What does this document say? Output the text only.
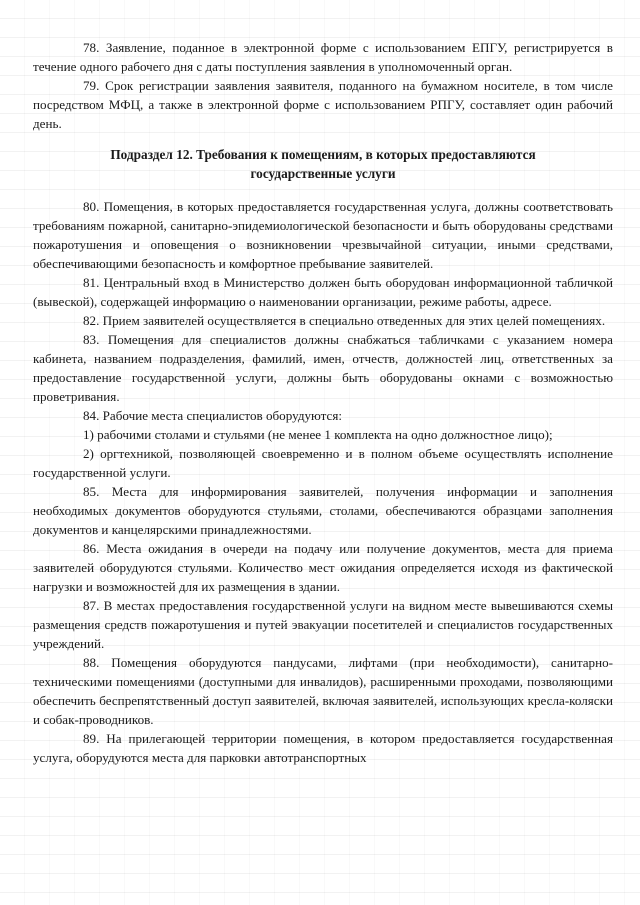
78. Заявление, поданное в электронной форме с использованием ЕПГУ, регистрируется в течение одного рабочего дня с даты поступления заявления в уполномоченный орган.

79. Срок регистрации заявления заявителя, поданного на бумажном носителе, в том числе посредством МФЦ, а также в электронной форме с использованием РПГУ, составляет один рабочий день.

Подраздел 12. Требования к помещениям, в которых предоставляются государственные услуги

80. Помещения, в которых предоставляется государственная услуга, должны соответствовать требованиям пожарной, санитарно-эпидемиологической безопасности и быть оборудованы средствами пожаротушения и оповещения о возникновении чрезвычайной ситуации, иными средствами, обеспечивающими безопасность и комфортное пребывание заявителей.

81. Центральный вход в Министерство должен быть оборудован информационной табличкой (вывеской), содержащей информацию о наименовании организации, режиме работы, адресе.

82. Прием заявителей осуществляется в специально отведенных для этих целей помещениях.

83. Помещения для специалистов должны снабжаться табличками с указанием номера кабинета, названием подразделения, фамилий, имен, отчеств, должностей лиц, ответственных за предоставление государственной услуги, должны быть оборудованы окнами с возможностью проветривания.

84. Рабочие места специалистов оборудуются:

1) рабочими столами и стульями (не менее 1 комплекта на одно должностное лицо);

2) оргтехникой, позволяющей своевременно и в полном объеме осуществлять исполнение государственной услуги.

85. Места для информирования заявителей, получения информации и заполнения необходимых документов оборудуются стульями, столами, обеспечиваются образцами заполнения документов и канцелярскими принадлежностями.

86. Места ожидания в очереди на подачу или получение документов, места для приема заявителей оборудуются стульями. Количество мест ожидания определяется исходя из фактической нагрузки и возможностей для их размещения в здании.

87. В местах предоставления государственной услуги на видном месте вывешиваются схемы размещения средств пожаротушения и путей эвакуации посетителей и специалистов государственных учреждений.

88. Помещения оборудуются пандусами, лифтами (при необходимости), санитарно-техническими помещениями (доступными для инвалидов), расширенными проходами, позволяющими обеспечить беспрепятственный доступ заявителей, включая заявителей, использующих кресла-коляски и собак-проводников.

89. На прилегающей территории помещения, в котором предоставляется государственная услуга, оборудуются места для парковки автотранспортных
